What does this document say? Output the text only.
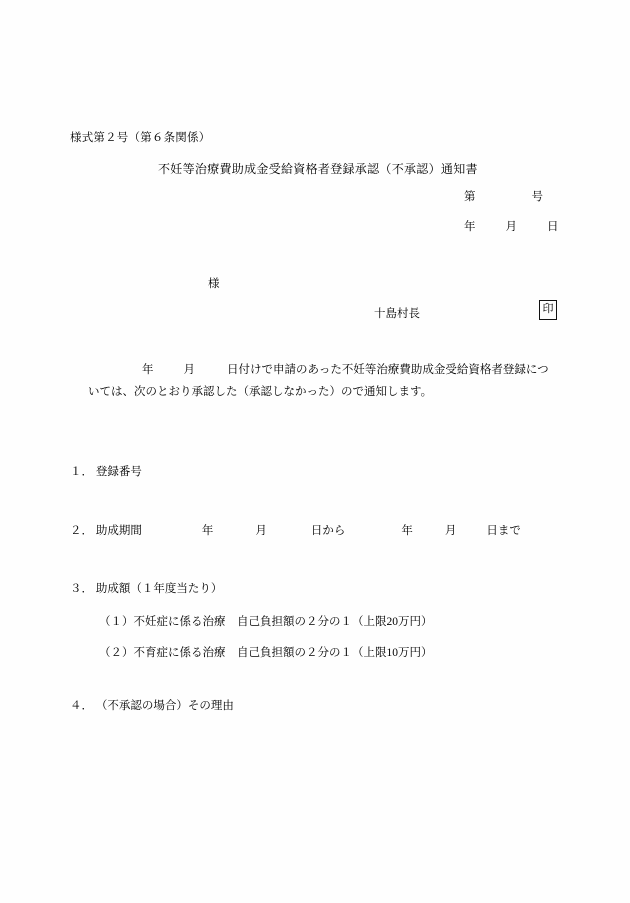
様式第２号（第６条関係）
不妊等治療費助成金受給資格者登録承認（不承認）通知書
第	号
年	月	日
様
十島村長	印
年	月	日付けで申請のあった不妊等治療費助成金受給資格者登録につ
いては、次のとおり承認した（承認しなかった）ので通知します。
１． 登録番号
２． 助成期間	年	月	日から	年	月	日まで
３． 助成額（１年度当たり）
（１）不妊症に係る治療　自己負担額の２分の１（上限20万円）
（２）不育症に係る治療　自己負担額の２分の１（上限10万円）
４． （不承認の場合）その理由
